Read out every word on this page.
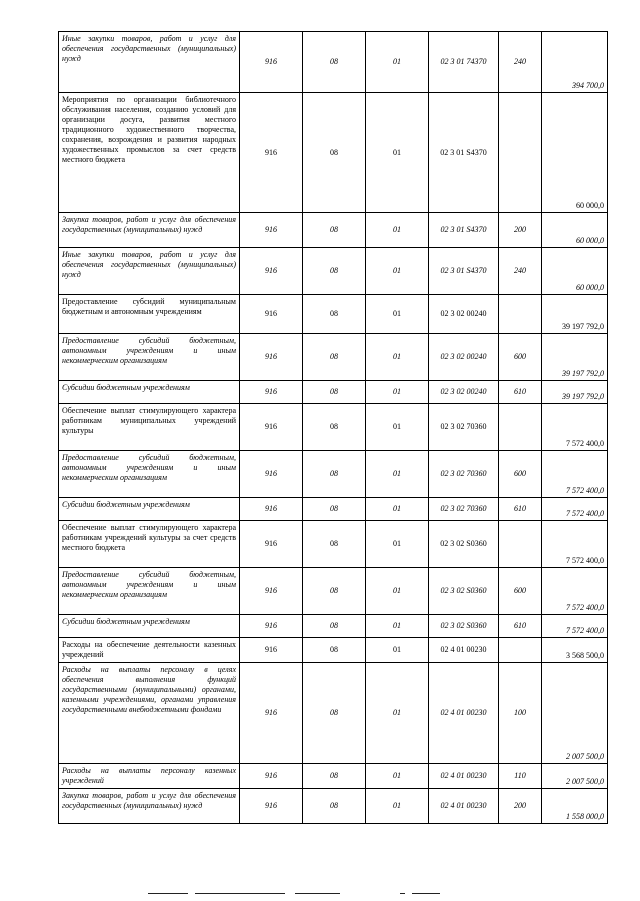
Иные закупки товаров, работ и услуг для обеспечения государственных (муниципальных) нужд	916	08	01	02 3 01 74370	240	394 700,0
Мероприятия по организации библиотечного обслуживания населения, созданию условий для организации досуга, развития местного традиционного художественного творчества, сохранения, возрождения и развития народных художественных промыслов за счет средств местного бюджета	916	08	01	02 3 01 S4370		60 000,0
Закупка товаров, работ и услуг для обеспечения государственных (муниципальных) нужд	916	08	01	02 3 01 S4370	200	60 000,0
Иные закупки товаров, работ и услуг для обеспечения государственных (муниципальных) нужд	916	08	01	02 3 01 S4370	240	60 000,0
Предоставление субсидий муниципальным бюджетным и автономным учреждениям	916	08	01	02 3 02 00240		39 197 792,0
Предоставление субсидий бюджетным, автономным учреждениям и иным некоммерческим организациям	916	08	01	02 3 02 00240	600	39 197 792,0
Субсидии бюджетным учреждениям	916	08	01	02 3 02 00240	610	39 197 792,0
Обеспечение выплат стимулирующего характера работникам муниципальных учреждений культуры	916	08	01	02 3 02 70360		7 572 400,0
Предоставление субсидий бюджетным, автономным учреждениям и иным некоммерческим организациям	916	08	01	02 3 02 70360	600	7 572 400,0
Субсидии бюджетным учреждениям	916	08	01	02 3 02 70360	610	7 572 400,0
Обеспечение выплат стимулирующего характера работникам учреждений культуры за счет средств местного бюджета	916	08	01	02 3 02 S0360		7 572 400,0
Предоставление субсидий бюджетным, автономным учреждениям и иным некоммерческим организациям	916	08	01	02 3 02 S0360	600	7 572 400,0
Субсидии бюджетным учреждениям	916	08	01	02 3 02 S0360	610	7 572 400,0
Расходы на обеспечение деятельности казенных учреждений	916	08	01	02 4 01 00230		3 568 500,0
Расходы на выплаты персоналу в целях обеспечения выполнения функций государственными (муниципальными) органами, казенными учреждениями, органами управления государственными внебюджетными фондами	916	08	01	02 4 01 00230	100	2 007 500,0
Расходы на выплаты персоналу казенных учреждений	916	08	01	02 4 01 00230	110	2 007 500,0
Закупка товаров, работ и услуг для обеспечения государственных (муниципальных) нужд	916	08	01	02 4 01 00230	200	1 558 000,0
